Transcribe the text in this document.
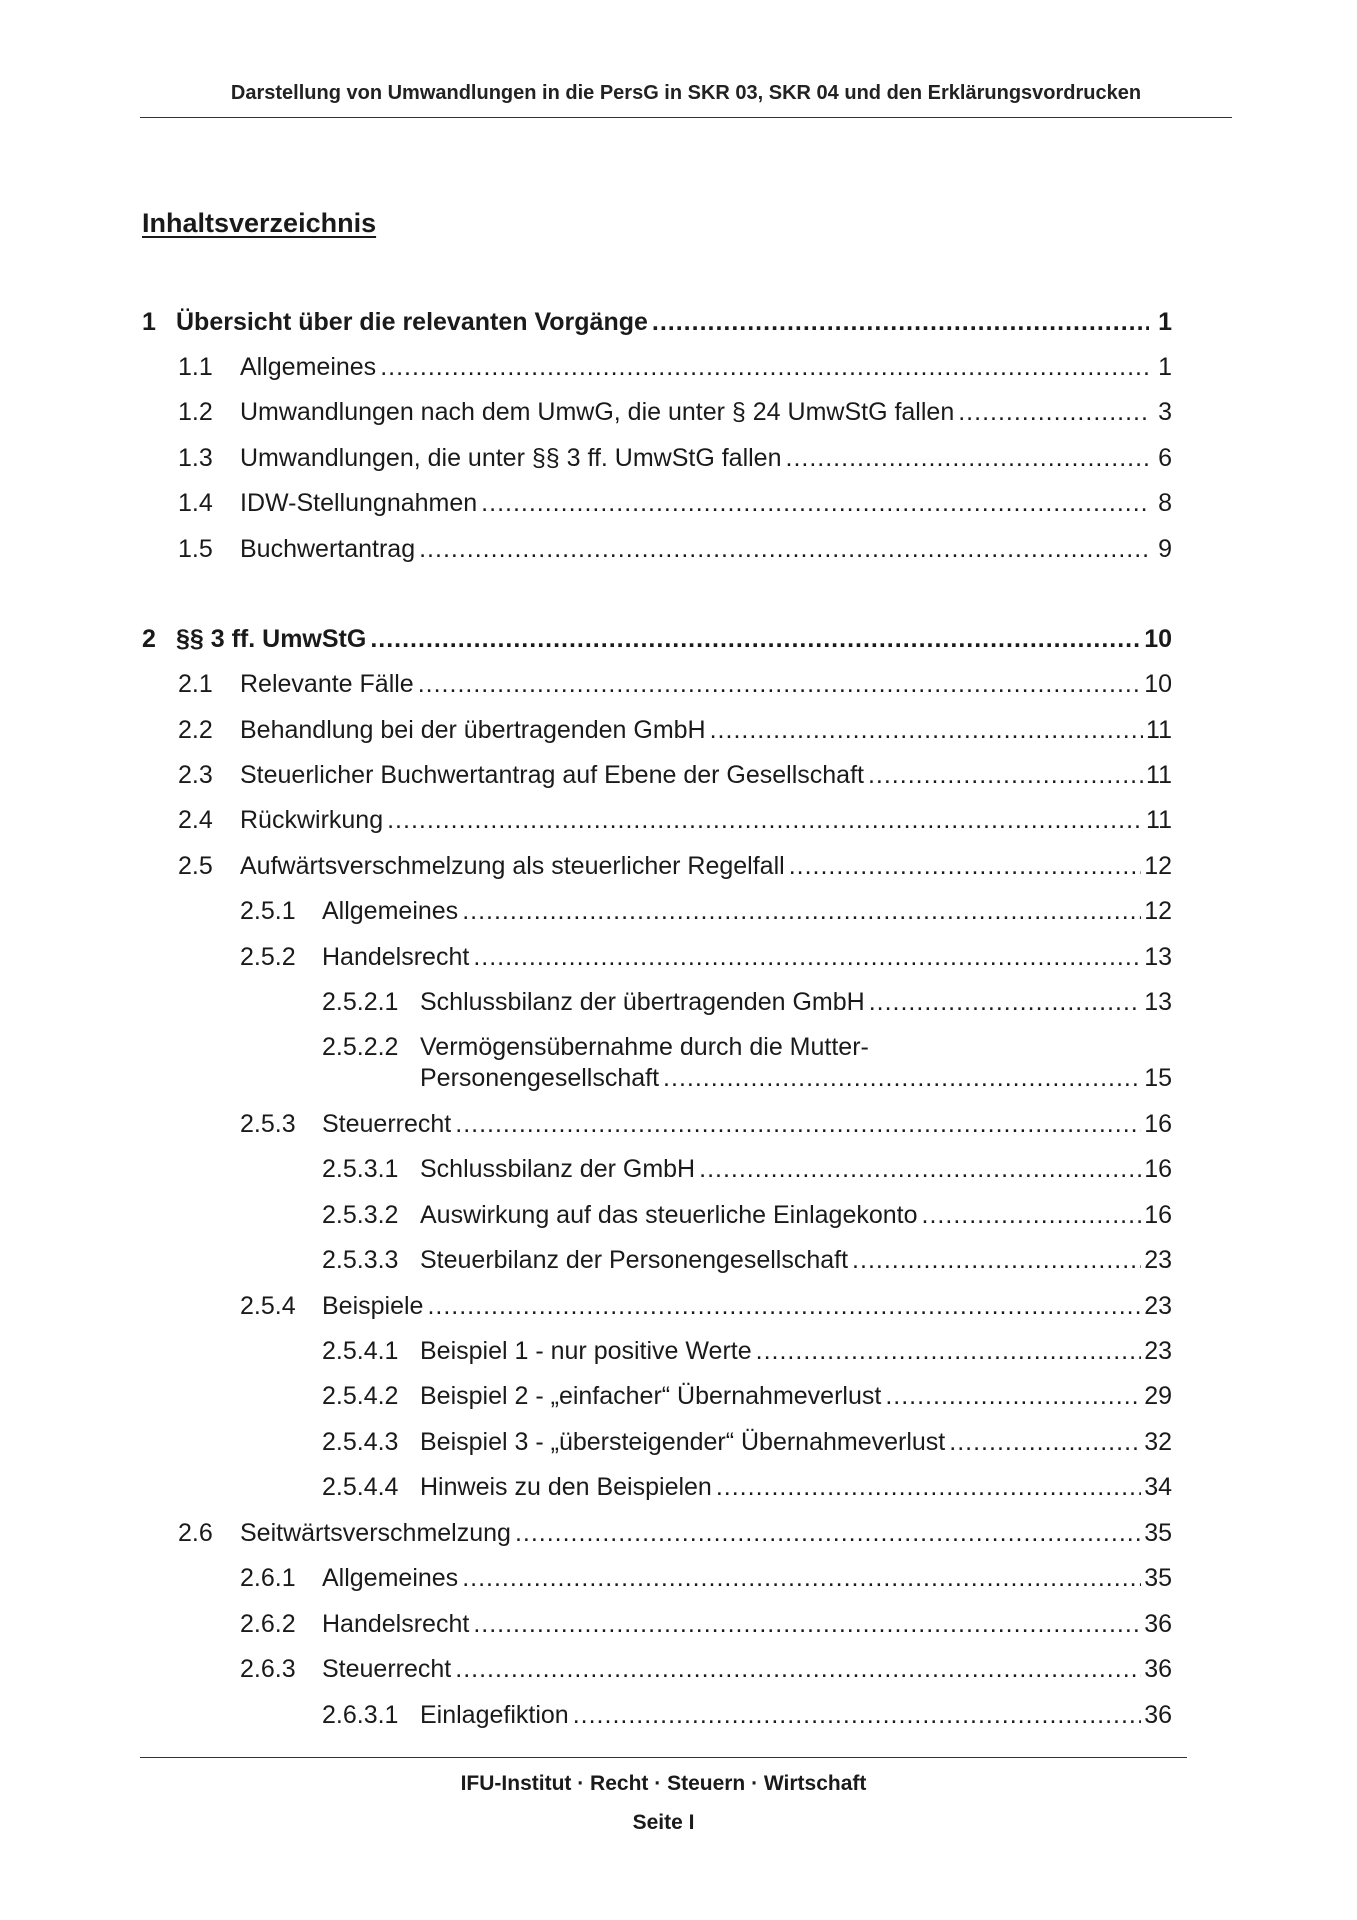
Darstellung von Umwandlungen in die PersG in SKR 03, SKR 04 und den Erklärungsvordrucken
Inhaltsverzeichnis
1 Übersicht über die relevanten Vorgänge .....	1
1.1	Allgemeines .....	1
1.2	Umwandlungen nach dem UmwG, die unter § 24 UmwStG fallen .....	3
1.3	Umwandlungen, die unter §§ 3 ff. UmwStG fallen .....	6
1.4	IDW-Stellungnahmen .....	8
1.5	Buchwertantrag .....	9
2 §§ 3 ff. UmwStG .....	10
2.1	Relevante Fälle .....	10
2.2	Behandlung bei der übertragenden GmbH .....	11
2.3	Steuerlicher Buchwertantrag auf Ebene der Gesellschaft .....	11
2.4	Rückwirkung .....	11
2.5	Aufwärtsverschmelzung als steuerlicher Regelfall .....	12
2.5.1	Allgemeines .....	12
2.5.2	Handelsrecht .....	13
2.5.2.1 Schlussbilanz der übertragenden GmbH .....	13
2.5.2.2 Vermögensübernahme durch die Mutter-
Personengesellschaft .....	15
2.5.3	Steuerrecht .....	16
2.5.3.1 Schlussbilanz der GmbH .....	16
2.5.3.2 Auswirkung auf das steuerliche Einlagekonto .....	16
2.5.3.3 Steuerbilanz der Personengesellschaft .....	23
2.5.4	Beispiele .....	23
2.5.4.1 Beispiel 1 - nur positive Werte .....	23
2.5.4.2 Beispiel 2 - „einfacher“ Übernahmeverlust .....	29
2.5.4.3 Beispiel 3 - „übersteigender“ Übernahmeverlust .....	32
2.5.4.4 Hinweis zu den Beispielen .....	34
2.6	Seitwärtsverschmelzung .....	35
2.6.1	Allgemeines .....	35
2.6.2	Handelsrecht .....	36
2.6.3	Steuerrecht .....	36
2.6.3.1 Einlagefiktion .....	36
IFU-Institut · Recht · Steuern · Wirtschaft
Seite I
